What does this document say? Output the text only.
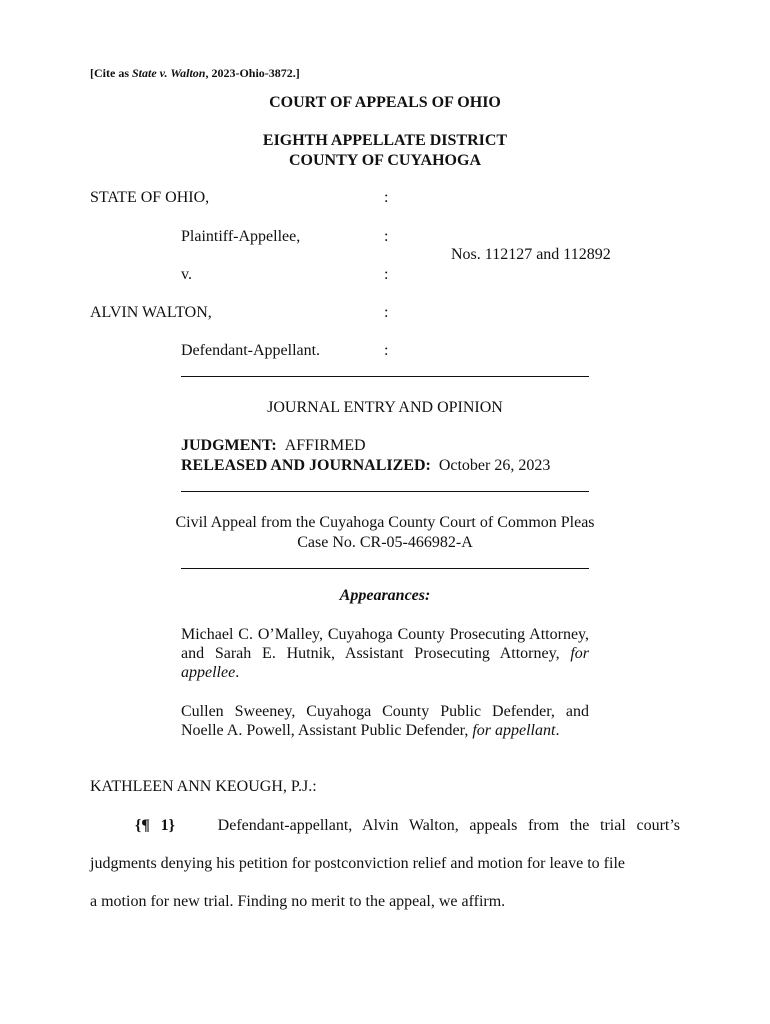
[Cite as State v. Walton, 2023-Ohio-3872.]
COURT OF APPEALS OF OHIO
EIGHTH APPELLATE DISTRICT
COUNTY OF CUYAHOGA
STATE OF OHIO,	:
Plaintiff-Appellee,	:
Nos. 112127 and 112892
v.	:
ALVIN WALTON,	:
Defendant-Appellant.	:
JOURNAL ENTRY AND OPINION
JUDGMENT: AFFIRMED
RELEASED AND JOURNALIZED: October 26, 2023
Civil Appeal from the Cuyahoga County Court of Common Pleas
Case No. CR-05-466982-A
Appearances:
Michael C. O’Malley, Cuyahoga County Prosecuting Attorney, and Sarah E. Hutnik, Assistant Prosecuting Attorney, for appellee.
Cullen Sweeney, Cuyahoga County Public Defender, and Noelle A. Powell, Assistant Public Defender, for appellant.
KATHLEEN ANN KEOUGH, P.J.:
{¶ 1}	Defendant-appellant, Alvin Walton, appeals from the trial court’s
judgments denying his petition for postconviction relief and motion for leave to file
a motion for new trial. Finding no merit to the appeal, we affirm.
